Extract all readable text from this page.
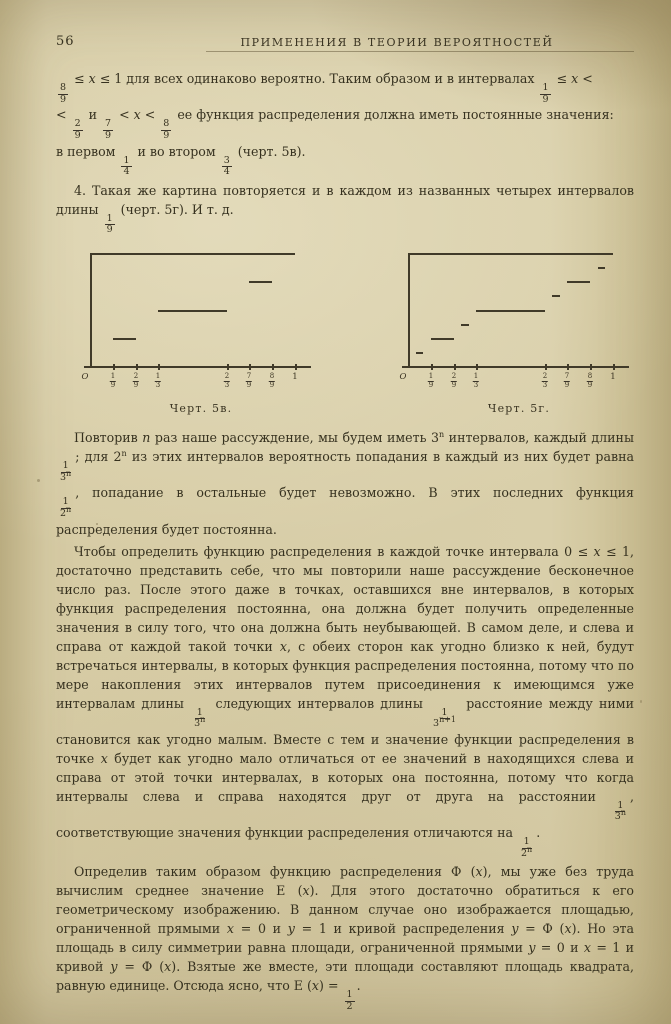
56	ПРИМЕНЕНИЯ В ТЕОРИИ ВЕРОЯТНОСТЕЙ
$\frac{8}{9}$
≤ x ≤ 1 для всех одинаково вероятно. Таким образом и в интервалах
$\frac{1}{9}$
≤ x <
<
$\frac{2}{9}$
и
$\frac{7}{9}$
< x <
$\frac{8}{9}$
ее функция распределения должна иметь постоянные значения:
в первом
$\frac{1}{4}$
и во втором
$\frac{3}{4}$
(черт. 5в).
4. Такая же картина повторяется и в каждом из названных четырех интервалов длины
$\frac{1}{9}$
(черт. 5г). И т. д.
O	$\frac{1}{9} \frac{2}{9} \frac{1}{3}$	$\frac{2}{3} \frac{7}{9} \frac{8}{9} 1$
Черт. 5в.
O	$\frac{1}{9} \frac{2}{9} \frac{1}{3}$	$\frac{2}{3} \frac{7}{9} \frac{8}{9} 1$
Черт. 5г.
Повторив n раз наше рассуждение, мы будем иметь 3$^n$ интервалов, каждый длины
$\frac{1}{3^n}$
; для 2$^n$ из этих интервалов вероятность попадания в каждый из них будет равна
$\frac{1}{2^n}$
, попадание в остальные будет невозможно. В этих последних функция распределения будет постоянна.
Чтобы определить функцию распределения в каждой точке интервала 0 ≤ x ≤ 1, достаточно представить себе, что мы повторили наше рассуждение бесконечное число раз. После этого даже в точках, оставшихся вне интервалов, в которых функция распределения постоянна, она должна будет получить определенные значения в силу того, что она должна быть неубывающей. В самом деле, и слева и справа от каждой такой точки x, с обеих сторон как угодно близко к ней, будут встречаться интервалы, в которых функция распределения постоянна, потому что по мере накопления этих интервалов путем присоединения к имеющимся уже интервалам длины
$\frac{1}{3^n}$
следующих интервалов длины
$\frac{1}{3^{n+1}}$
расстояние между ними становится как угодно малым. Вместе с тем и значение функции распределения в точке x будет как угодно мало отличаться от ее значений в находящихся слева и справа от этой точки интервалах, в которых она постоянна, потому что когда интервалы слева и справа находятся друг от друга на расстоянии
$\frac{1}{3^n}$
, соответствующие значения функции распределения отличаются на
$\frac{1}{2^n}$
.
Определив таким образом функцию распределения Ф (x), мы уже без труда вычислим среднее значение E (x). Для этого достаточно обратиться к его геометрическому изображению. В данном случае оно изображается площадью, ограниченной прямыми x = 0 и y = 1 и кривой распределения y = Ф (x). Но эта площадь в силу симметрии равна площади, ограниченной прямыми y = 0 и x = 1 и кривой y = Ф (x). Взятые же вместе, эти площади составляют площадь квадрата, равную единице. Отсюда ясно, что E (x) =
$\frac{1}{2}$
.
